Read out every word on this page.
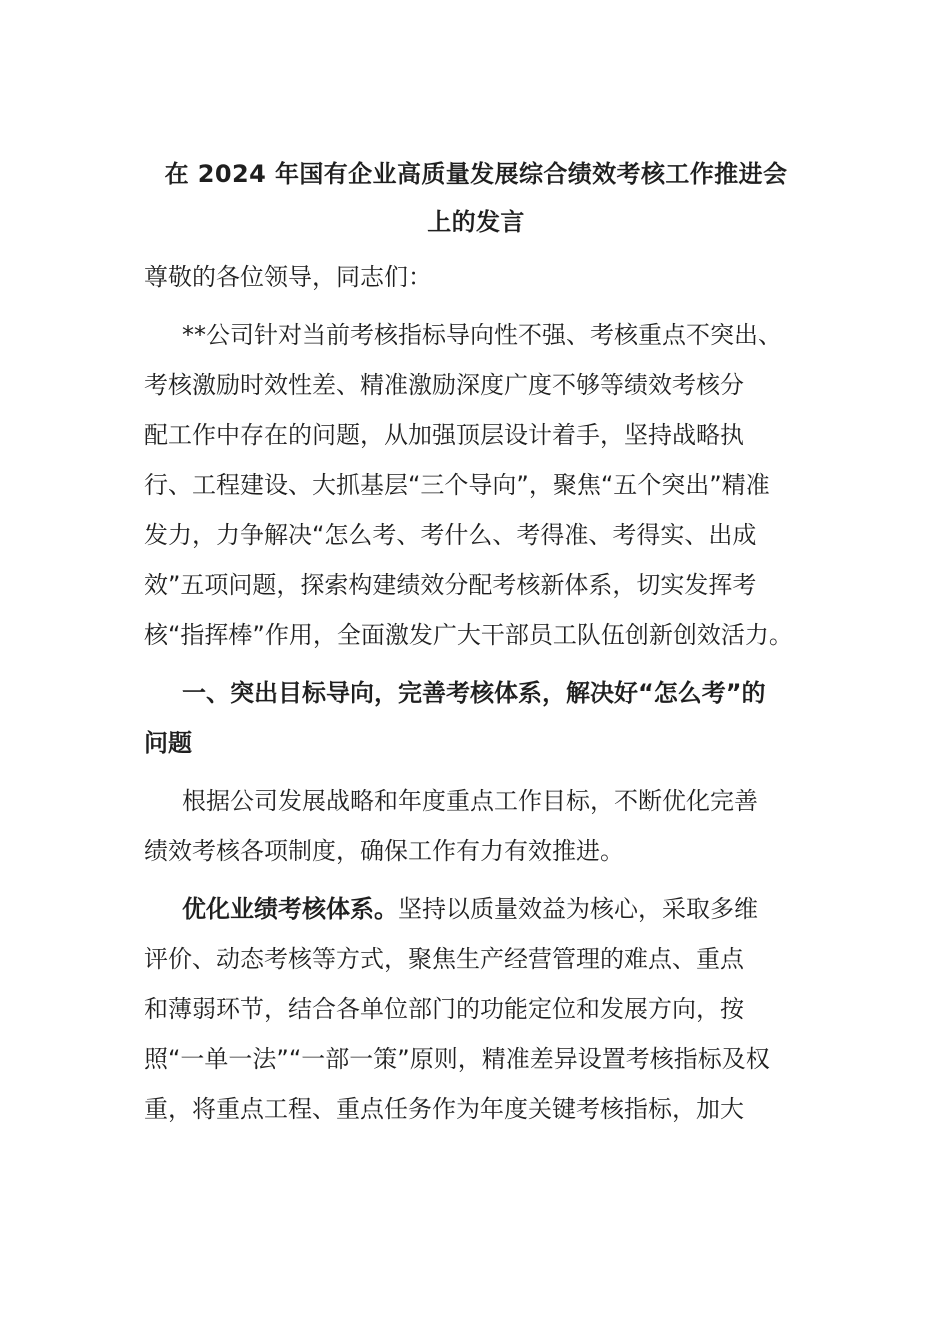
在 2024 年国有企业高质量发展综合绩效考核工作推进会
上的发言
尊敬的各位领导，同志们：
**公司针对当前考核指标导向性不强、考核重点不突出、
考核激励时效性差、精准激励深度广度不够等绩效考核分
配工作中存在的问题，从加强顶层设计着手，坚持战略执
行、工程建设、大抓基层“三个导向”，聚焦“五个突出”精准
发力，力争解决“怎么考、考什么、考得准、考得实、出成
效”五项问题，探索构建绩效分配考核新体系，切实发挥考
核“指挥棒”作用，全面激发广大干部员工队伍创新创效活力。
一、突出目标导向，完善考核体系，解决好“怎么考”的
问题
根据公司发展战略和年度重点工作目标，不断优化完善
绩效考核各项制度，确保工作有力有效推进。
优化业绩考核体系。坚持以质量效益为核心，采取多维
评价、动态考核等方式，聚焦生产经营管理的难点、重点
和薄弱环节，结合各单位部门的功能定位和发展方向，按
照“一单一法”“一部一策”原则，精准差异设置考核指标及权
重，将重点工程、重点任务作为年度关键考核指标，加大
